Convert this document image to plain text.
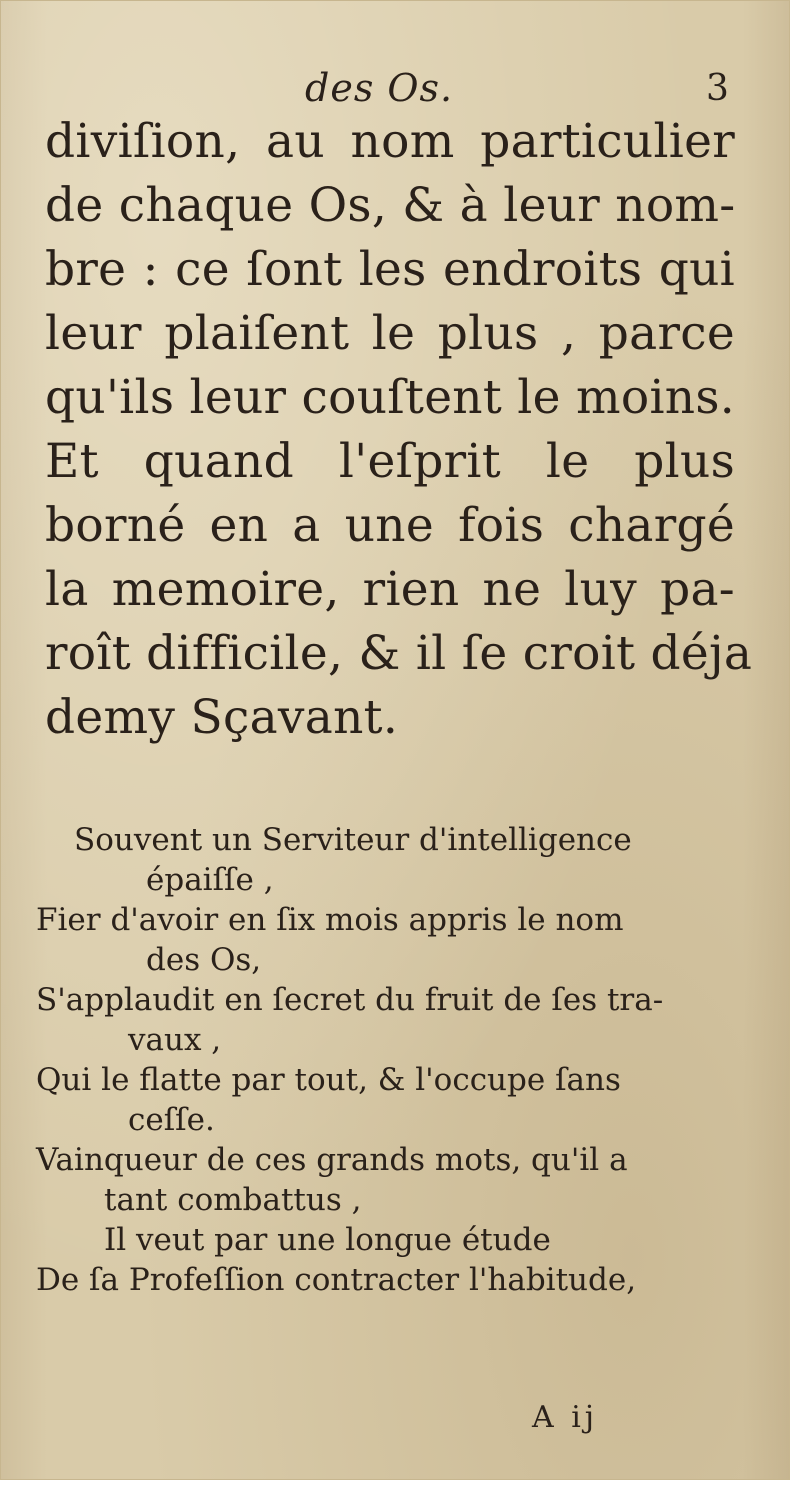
des Os.	3
diviſion, au nom particulier
de chaque Os, & à leur nom-
bre : ce ſont les endroits qui
leur plaiſent le plus , parce
qu'ils leur couſtent le moins.
Et quand l'eſprit le plus
borné en a une fois chargé
la memoire, rien ne luy pa-
roît difficile, & il ſe croit déja
demy Sçavant.
Souvent un Serviteur d'intelligence
épaiſſe ,
Fier d'avoir en ſix mois appris le nom
des Os,
S'applaudit en ſecret du fruit de ſes tra-
vaux ,
Qui le flatte par tout, & l'occupe ſans
ceſſe.
Vainqueur de ces grands mots, qu'il a
tant combattus ,
Il veut par une longue étude
De ſa Profeſſion contracter l'habitude,
A ij
